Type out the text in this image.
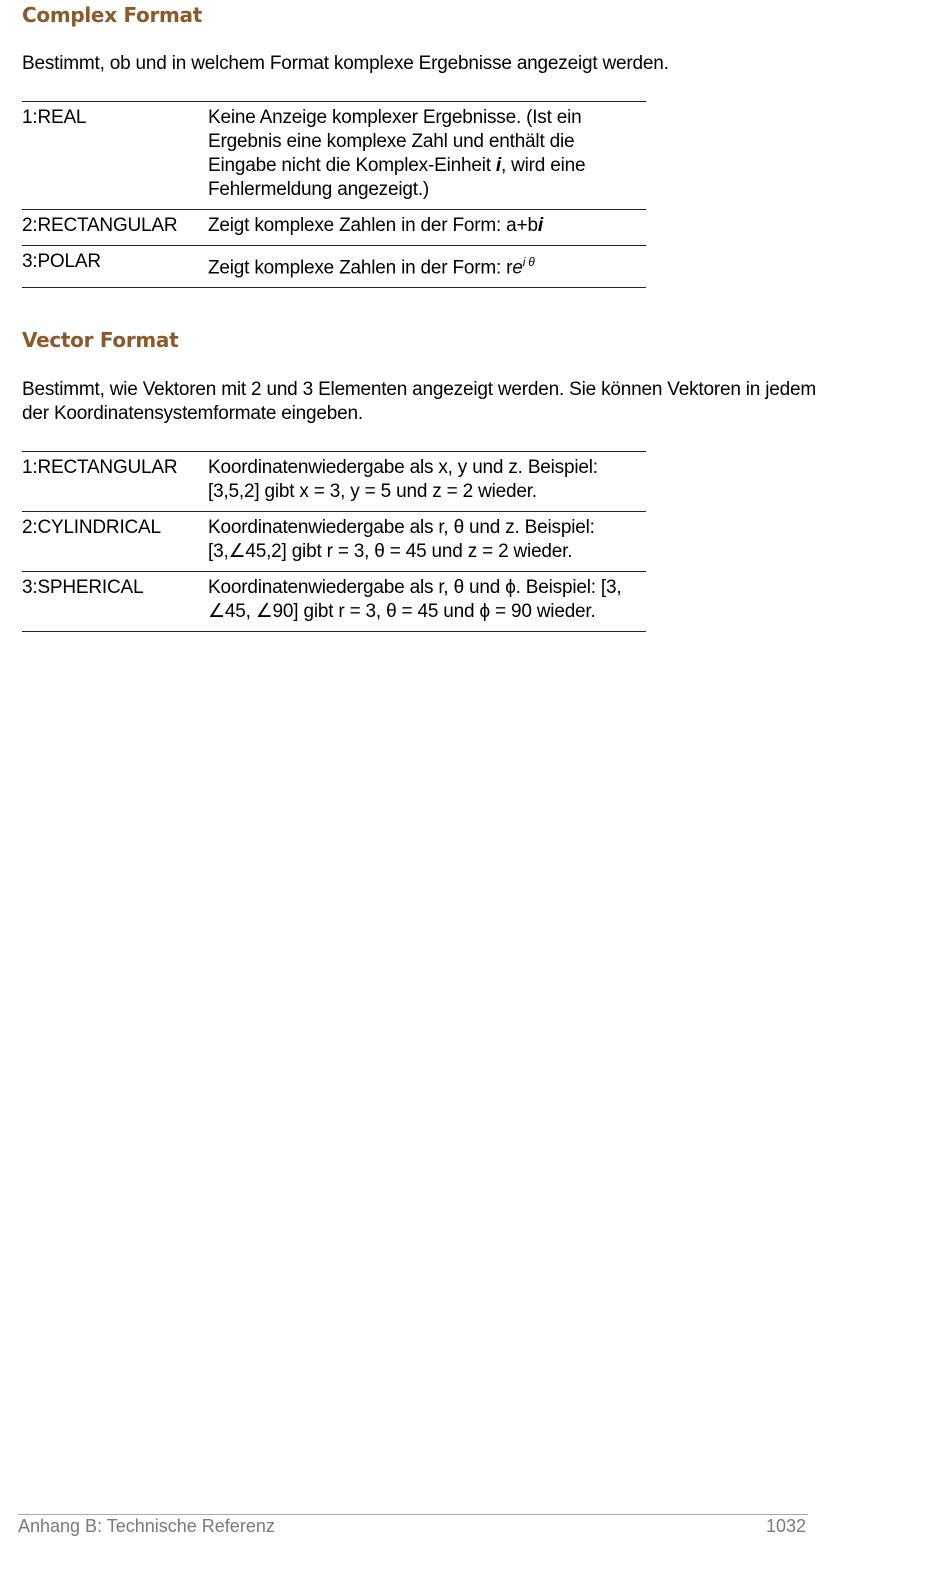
Complex Format

Bestimmt, ob und in welchem Format komplexe Ergebnisse angezeigt werden.

1:REAL	Keine Anzeige komplexer Ergebnisse. (Ist ein Ergebnis eine komplexe Zahl und enthält die Eingabe nicht die Komplex-Einheit i, wird eine Fehlermeldung angezeigt.)
2:RECTANGULAR	Zeigt komplexe Zahlen in der Form: a+bi
3:POLAR	Zeigt komplexe Zahlen in der Form: $re^{i \theta}$
Vector Format

Bestimmt, wie Vektoren mit 2 und 3 Elementen angezeigt werden. Sie können Vektoren in jedem der Koordinatensystemformate eingeben.

1:RECTANGULAR	Koordinatenwiedergabe als x, y und z. Beispiel: [3,5,2] gibt x = 3, y = 5 und z = 2 wieder.
2:CYLINDRICAL	Koordinatenwiedergabe als r, θ und z. Beispiel: [3,∠45,2] gibt r = 3, θ = 45 und z = 2 wieder.
3:SPHERICAL	Koordinatenwiedergabe als r, θ und ϕ. Beispiel: [3, ∠45, ∠90] gibt r = 3, θ = 45 und ϕ = 90 wieder.
Anhang B: Technische Referenz	1032
